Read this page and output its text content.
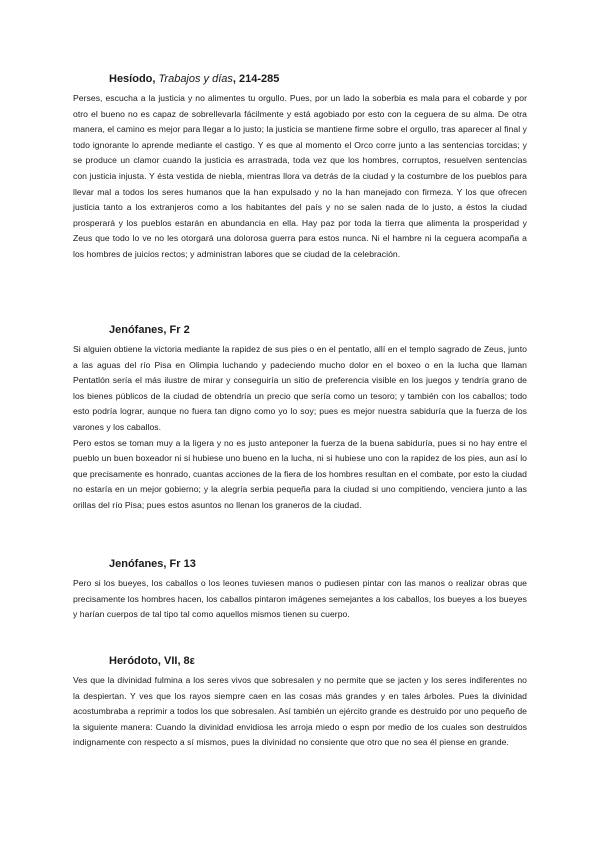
Hesíodo, Trabajos y días, 214-285

Perses, escucha a la justicia y no alimentes tu orgullo. Pues, por un lado la soberbia es mala para el cobarde y por otro el bueno no es capaz de sobrellevarla fácilmente y está agobiado por esto con la ceguera de su alma. De otra manera, el camino es mejor para llegar a lo justo; la justicia se mantiene firme sobre el orgullo, tras aparecer al final y todo ignorante lo aprende mediante el castigo. Y es que al momento el Orco corre junto a las sentencias torcidas; y se produce un clamor cuando la justicia es arrastrada, toda vez que los hombres, corruptos, resuelven sentencias con justicia injusta. Y ésta vestida de niebla, mientras llora va detrás de la ciudad y la costumbre de los pueblos para llevar mal a todos los seres humanos que la han expulsado y no la han manejado con firmeza. Y los que ofrecen justicia tanto a los extranjeros como a los habitantes del país y no se salen nada de lo justo, a éstos la ciudad prosperará y los pueblos estarán en abundancia en ella. Hay paz por toda la tierra que alimenta la prosperidad y Zeus que todo lo ve no les otorgará una dolorosa guerra para estos nunca. Ni el hambre ni la ceguera acompaña a los hombres de juicios rectos; y administran labores que se ciudad de la celebración.

Jenófanes, Fr 2

Si alguien obtiene la victoria mediante la rapidez de sus pies o en el pentatlo, allí en el templo sagrado de Zeus, junto a las aguas del río Pisa en Olimpia luchando y padeciendo mucho dolor en el boxeo o en la lucha que llaman Pentatlón sería el más ilustre de mirar y conseguiría un sitio de preferencia visible en los juegos y tendría grano de los bienes públicos de la ciudad de obtendría un precio que sería como un tesoro; y también con los caballos; todo esto podría lograr, aunque no fuera tan digno como yo lo soy; pues es mejor nuestra sabiduría que la fuerza de los varones y los caballos.

Pero estos se toman muy a la ligera y no es justo anteponer la fuerza de la buena sabiduría, pues si no hay entre el pueblo un buen boxeador ni si hubiese uno bueno en la lucha, ni si hubiese uno con la rapidez de los pies, aun así lo que precisamente es honrado, cuantas acciones de la fiera de los hombres resultan en el combate, por esto la ciudad no estaría en un mejor gobierno; y la alegría serbia pequeña para la ciudad si uno compitiendo, venciera junto a las orillas del río Pisa; pues estos asuntos no llenan los graneros de la ciudad.

Jenófanes, Fr 13

Pero si los bueyes, los caballos o los leones tuviesen manos o pudiesen pintar con las manos o realizar obras que precisamente los hombres hacen, los caballos pintaron imágenes semejantes a los caballos, los bueyes a los bueyes y harían cuerpos de tal tipo tal como aquellos mismos tienen su cuerpo.

Heródoto, VII, 8ε

Ves que la divinidad fulmina a los seres vivos que sobresalen y no permite que se jacten y los seres indiferentes no la despiertan. Y ves que los rayos siempre caen en las cosas más grandes y en tales árboles. Pues la divinidad acostumbraba a reprimir a todos los que sobresalen. Así también un ejército grande es destruido por uno pequeño de la siguiente manera: Cuando la divinidad envidiosa les arroja miedo o espn por medio de los cuales son destruidos indignamente con respecto a sí mismos, pues la divinidad no consiente que otro que no sea él piense en grande.
